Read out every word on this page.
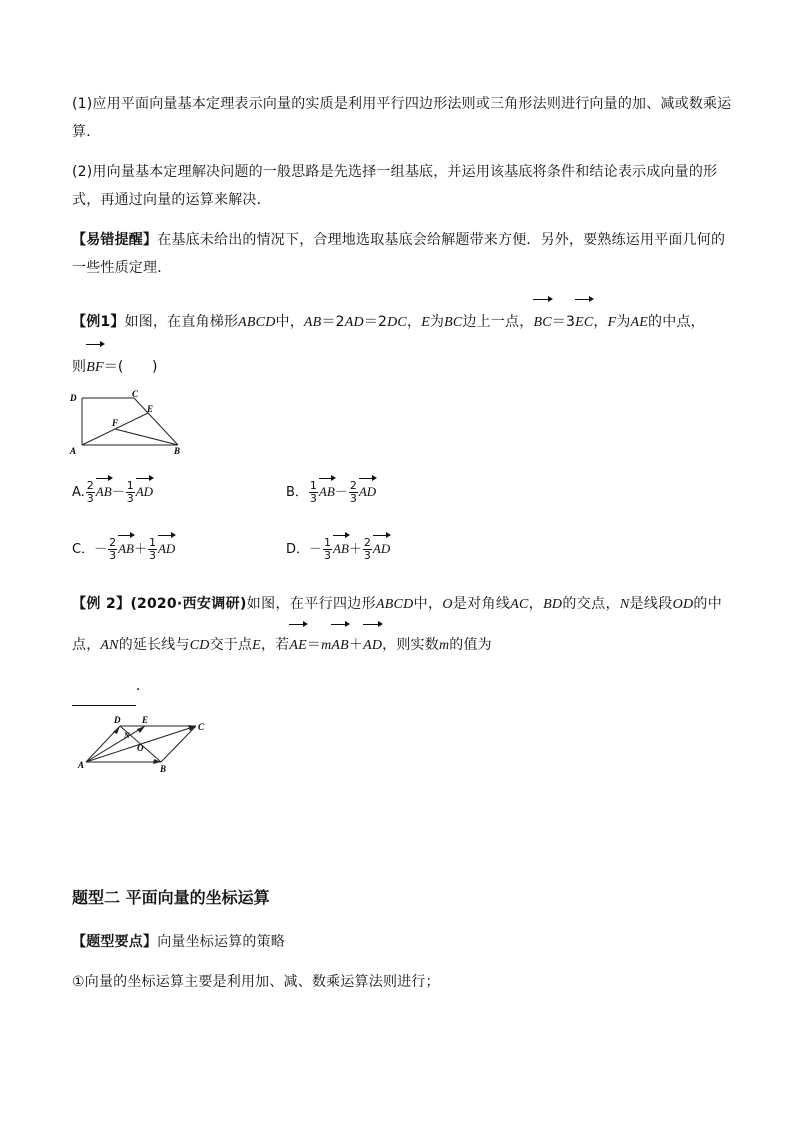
(1)应用平面向量基本定理表示向量的实质是利用平行四边形法则或三角形法则进行向量的加、减或数乘运算．
(2)用向量基本定理解决问题的一般思路是先选择一组基底，并运用该基底将条件和结论表示成向量的形式，再通过向量的运算来解决．
【易错提醒】在基底未给出的情况下，合理地选取基底会给解题带来方便．另外，要熟练运用平面几何的一些性质定理．
【例1】如图，在直角梯形ABCD中，AB＝2AD＝2DC，E为BC边上一点，BC＝3EC，F为AE的中点，
则BF＝(　　)
D	C
E
F
A	B
A. $\frac{2}{3} AB- \frac{1}{3}$ AD	B． $\frac{1}{3} AB- \frac{2}{3}$ AD
C．－ $\frac{2}{3} AB+ \frac{1}{3}$ AD	D．－ $\frac{1}{3} AB+ \frac{2}{3}$ AD
【例 2】(2020·西安调研)如图，在平行四边形ABCD中，O是对角线AC，BD的交点，N是线段OD的中点，AN的延长线与CD交于点E，若AE＝mAB＋AD，则实数m的值为
．
D E
C
N
O
A	B
题型二 平面向量的坐标运算
【题型要点】向量坐标运算的策略
①向量的坐标运算主要是利用加、减、数乘运算法则进行；
